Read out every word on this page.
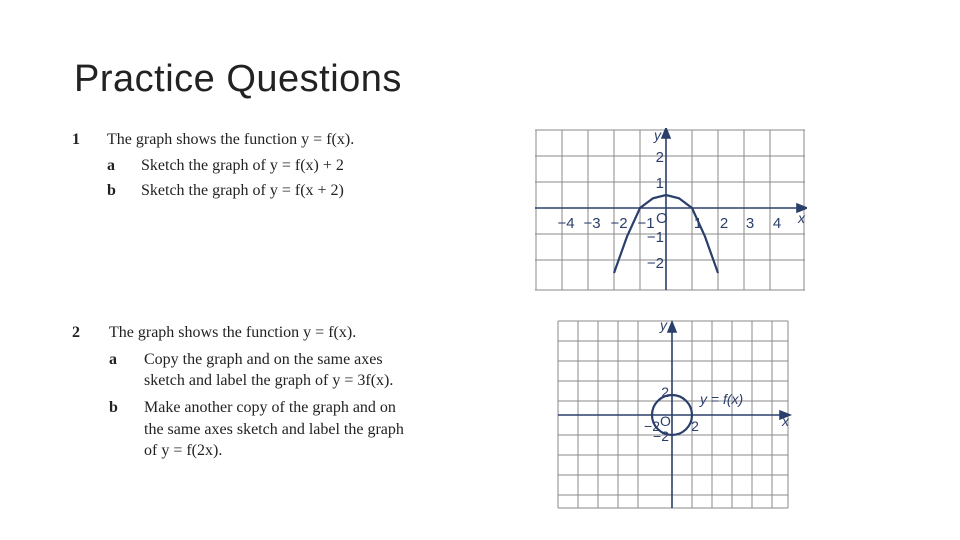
Practice Questions
1 The graph shows the function y = f(x).
a Sketch the graph of y = f(x) + 2
b Sketch the graph of y = f(x + 2)
2 The graph shows the function y = f(x).
a Copy the graph and on the same axes
sketch and label the graph of y = 3f(x).
b Make another copy of the graph and on
the same axes sketch and label the graph
of y = f(2x).
−4 −3 −2 −1	1 2 3 4
2
1
−1
−2
O
y
x
−2 2
2
−2
O
y
x
y = f(x)
